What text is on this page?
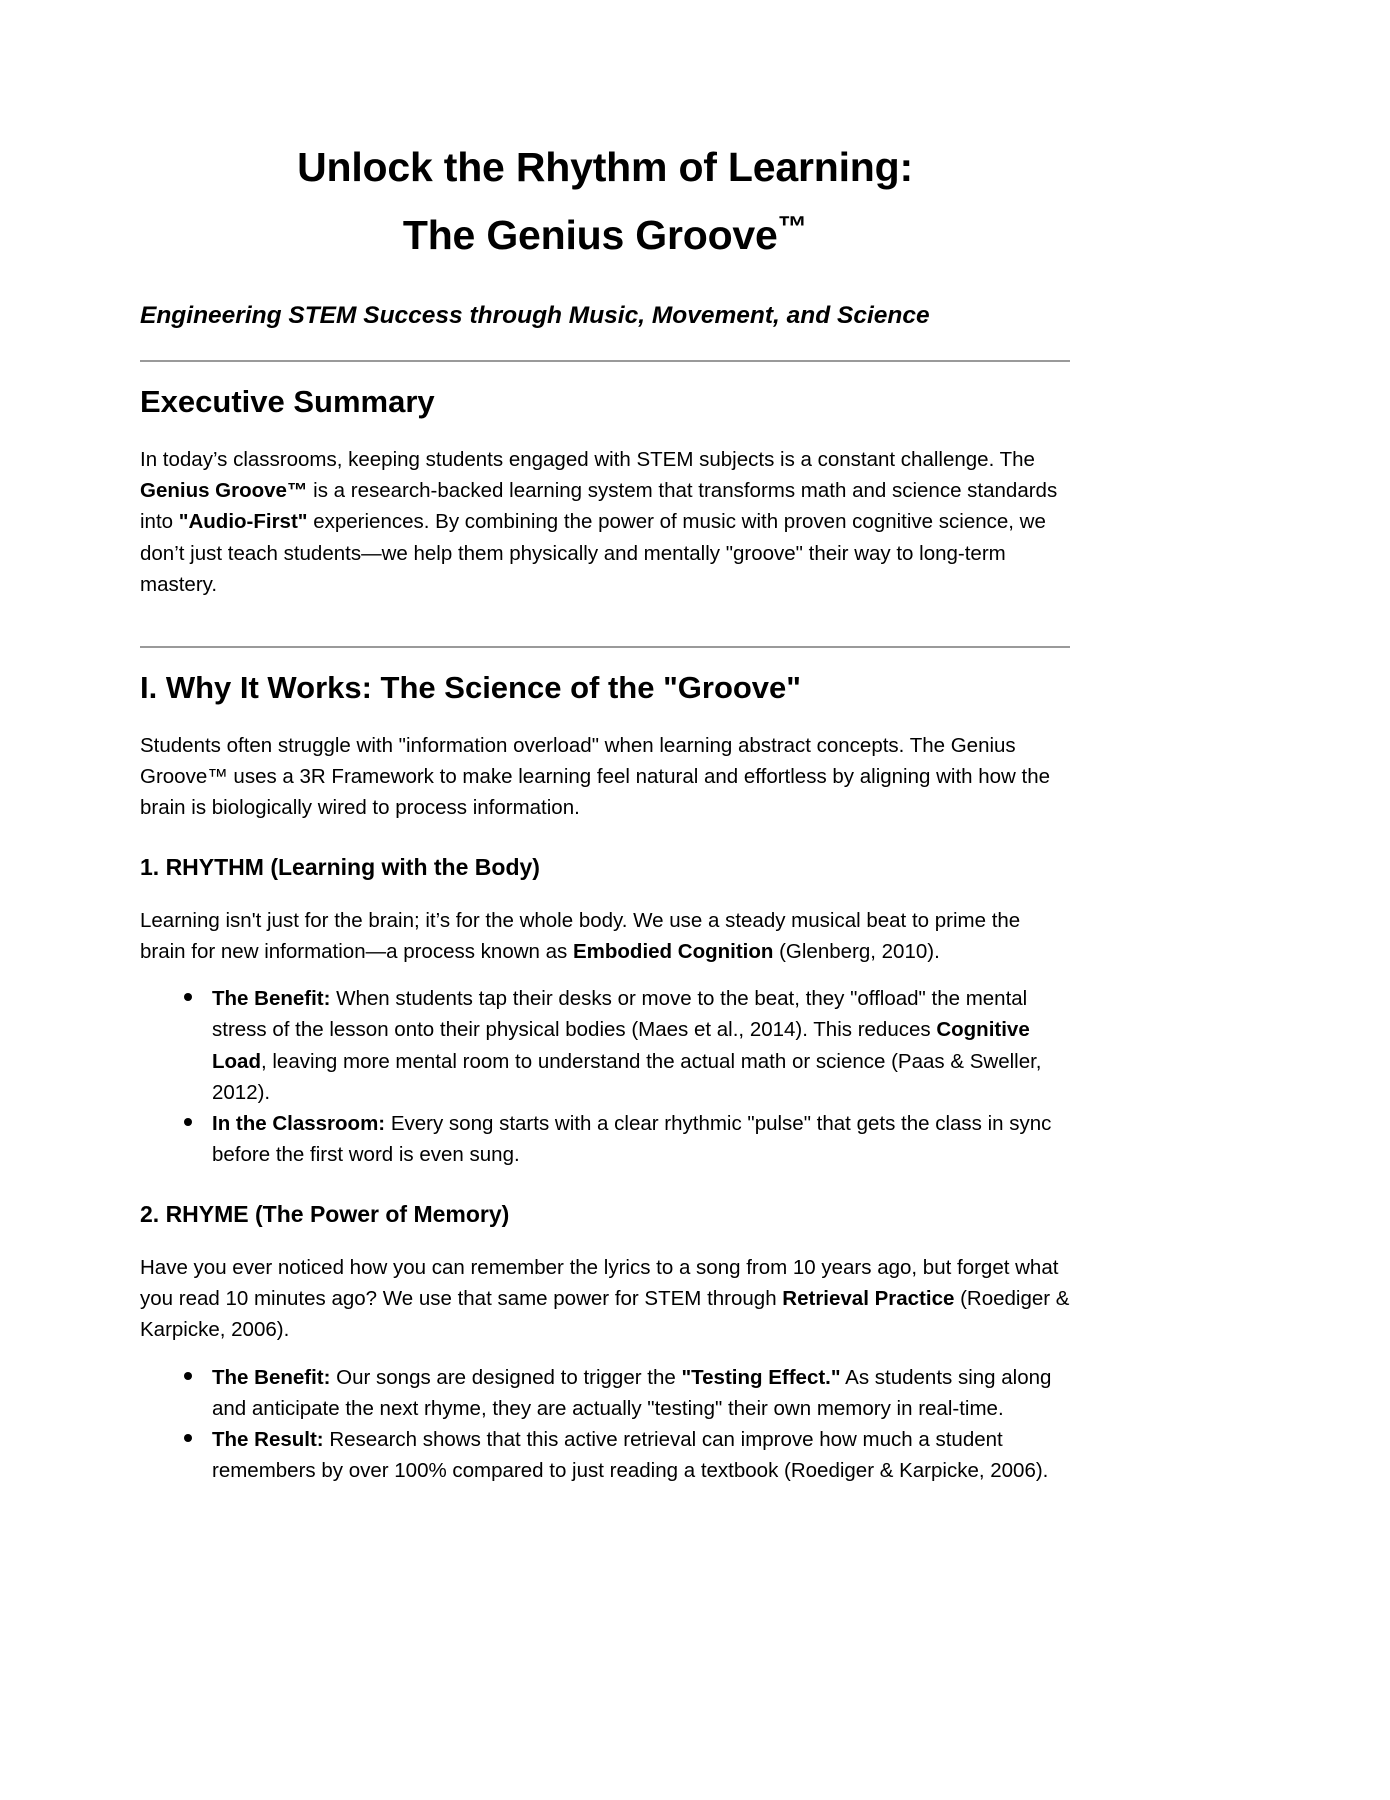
Unlock the Rhythm of Learning:
The Genius Groove™

Engineering STEM Success through Music, Movement, and Science

Executive Summary

In today’s classrooms, keeping students engaged with STEM subjects is a constant challenge. The Genius Groove™ is a research-backed learning system that transforms math and science standards into "Audio-First" experiences. By combining the power of music with proven cognitive science, we don’t just teach students—we help them physically and mentally "groove" their way to long-term mastery.

I. Why It Works: The Science of the "Groove"

Students often struggle with "information overload" when learning abstract concepts. The Genius Groove™ uses a 3R Framework to make learning feel natural and effortless by aligning with how the brain is biologically wired to process information.

1. RHYTHM (Learning with the Body)

Learning isn't just for the brain; it’s for the whole body. We use a steady musical beat to prime the brain for new information—a process known as Embodied Cognition (Glenberg, 2010).

The Benefit: When students tap their desks or move to the beat, they "offload" the mental stress of the lesson onto their physical bodies (Maes et al., 2014). This reduces Cognitive Load, leaving more mental room to understand the actual math or science (Paas & Sweller, 2012).
In the Classroom: Every song starts with a clear rhythmic "pulse" that gets the class in sync before the first word is even sung.
2. RHYME (The Power of Memory)

Have you ever noticed how you can remember the lyrics to a song from 10 years ago, but forget what you read 10 minutes ago? We use that same power for STEM through Retrieval Practice (Roediger & Karpicke, 2006).

The Benefit: Our songs are designed to trigger the "Testing Effect." As students sing along and anticipate the next rhyme, they are actually "testing" their own memory in real-time.
The Result: Research shows that this active retrieval can improve how much a student remembers by over 100% compared to just reading a textbook (Roediger & Karpicke, 2006).
